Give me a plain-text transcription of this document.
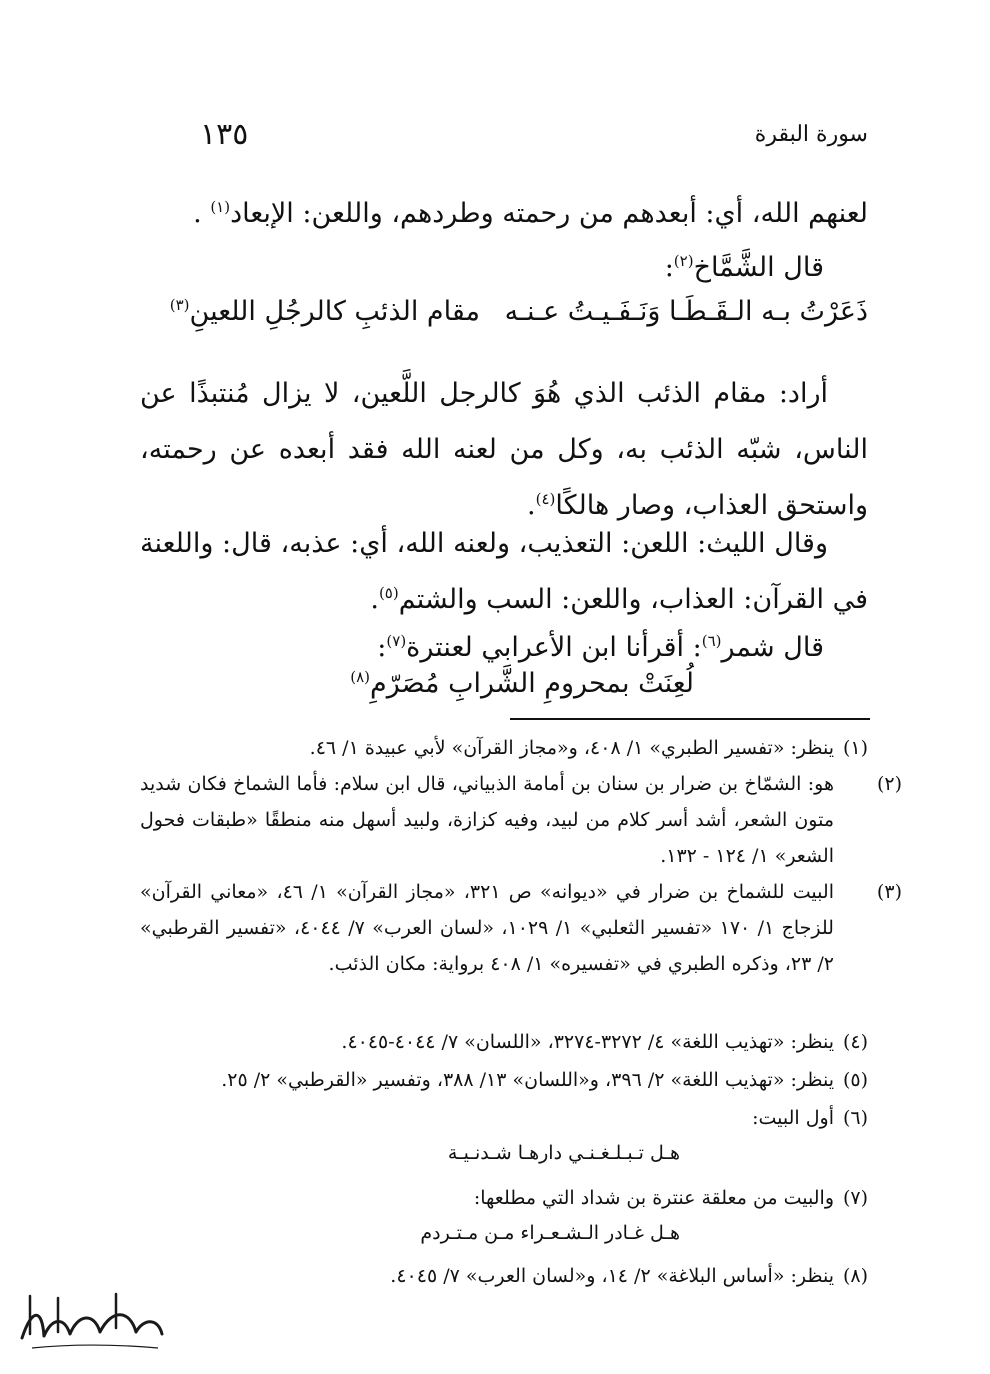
سورة البقرة
١٣٥
لعنهم الله، أي: أبعدهم من رحمته وطردهم، واللعن: الإبعاد$^{(١)}$ .
قال الشَّمَّاخ$^{(٢)}$:
ذَعَرْتُ بـه الـقَـطَـا وَنَـفَـيـتُ عـنـه
مقام الذئبِ كالرجُلِ اللعينِ$^{(٣)}$
أراد: مقام الذئب الذي هُوَ كالرجل اللَّعين، لا يزال مُنتبذًا عن الناس، شبّه الذئب به، وكل من لعنه الله فقد أبعده عن رحمته، واستحق العذاب، وصار هالكًا$^{(٤)}$.
وقال الليث: اللعن: التعذيب، ولعنه الله، أي: عذبه، قال: واللعنة في القرآن: العذاب، واللعن: السب والشتم$^{(٥)}$.
قال شمر$^{(٦)}$: أقرأنا ابن الأعرابي لعنترة$^{(٧)}$:
لُعِنَتْ بمحرومِ الشَّرابِ مُصَرّمِ$^{(٨)}$
(١)ينظر: «تفسير الطبري» ١/ ٤٠٨، و«مجاز القرآن» لأبي عبيدة ١/ ٤٦.
(٢)هو: الشمّاخ بن ضرار بن سنان بن أمامة الذبياني، قال ابن سلام: فأما الشماخ فكان شديد متون الشعر، أشد أسر كلام من لبيد، وفيه كزازة، ولبيد أسهل منه منطقًا «طبقات فحول الشعر» ١/ ١٢٤ - ١٣٢.
(٣)البيت للشماخ بن ضرار في «ديوانه» ص ٣٢١، «مجاز القرآن» ١/ ٤٦، «معاني القرآن» للزجاج ١/ ١٧٠ «تفسير الثعلبي» ١/ ١٠٢٩، «لسان العرب» ٧/ ٤٠٤٤، «تفسير القرطبي» ٢/ ٢٣، وذكره الطبري في «تفسيره» ١/ ٤٠٨ برواية: مكان الذئب.
(٤)ينظر: «تهذيب اللغة» ٤/ ٣٢٧٢-٣٢٧٤، «اللسان» ٧/ ٤٠٤٤-٤٠٤٥.
(٥)ينظر: «تهذيب اللغة» ٢/ ٣٩٦، و«اللسان» ١٣/ ٣٨٨، وتفسير «القرطبي» ٢/ ٢٥.
(٦)أول البيت:
هـل تـبـلـغـنـي دارهـا شـدنـيـة
(٧)والبيت من معلقة عنترة بن شداد التي مطلعها:
هـل غـادر الـشـعـراء مـن مـتـردم
(٨)ينظر: «أساس البلاغة» ٢/ ١٤، و«لسان العرب» ٧/ ٤٠٤٥.
